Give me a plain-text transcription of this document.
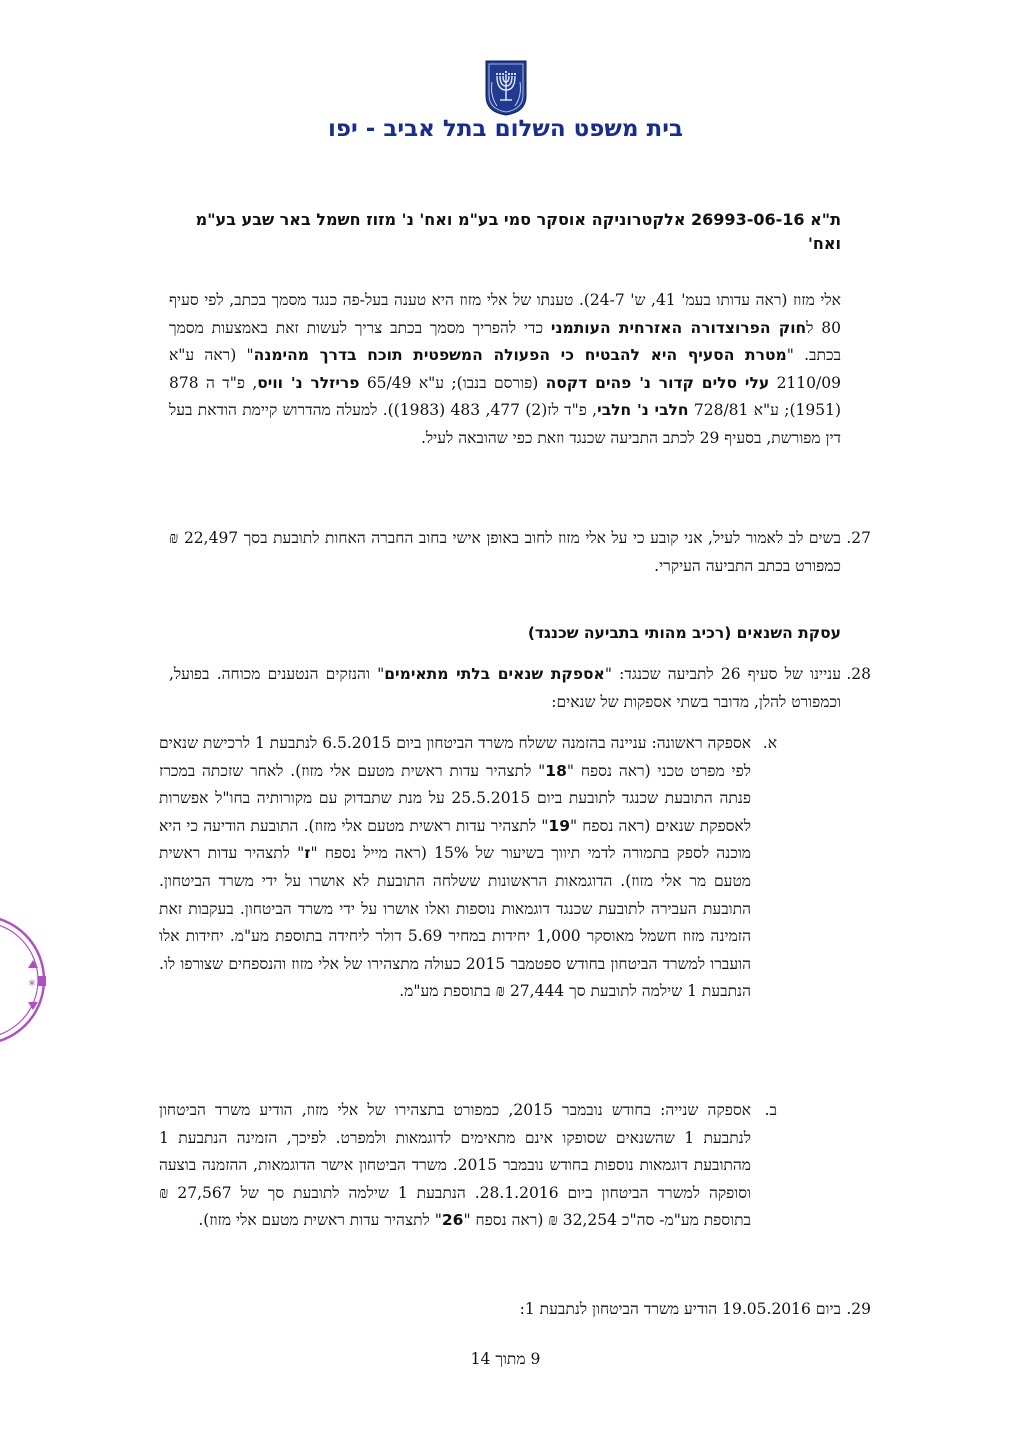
בית משפט השלום בתל אביב - יפו
ת"א 26993-06-16 אלקטרוניקה אוסקר סמי בע"מ ואח' נ' מזוז חשמל באר שבע בע"מ ואח'
אלי מזוז (ראה עדותו בעמ' 41, ש' 24-7). טענתו של אלי מזוז היא טענה בעל-פה כנגד מסמך בכתב, לפי סעיף 80 לחוק הפרוצדורה האזרחית העותמני כדי להפריך מסמך בכתב צריך לעשות זאת באמצעות מסמך בכתב. "מטרת הסעיף היא להבטיח כי הפעולה המשפטית תוכח בדרך מהימנה" (ראה ע"א 2110/09 עלי סלים קדור נ' פהים דקסה (פורסם בנבו); ע"א 65/49 פריזלר נ' וויס, פ"ד ה 878 (1951); ע"א 728/81 חלבי נ' חלבי, פ"ד לז(2) 477, 483 (1983)). למעלה מהדרוש קיימת הודאת בעל דין מפורשת, בסעיף 29 לכתב התביעה שכנגד וזאת כפי שהובאה לעיל.
27.
בשים לב לאמור לעיל, אני קובע כי על אלי מזוז לחוב באופן אישי בחוב החברה האחות לתובעת בסך 22,497 ₪ כמפורט בכתב התביעה העיקרי.
עסקת השנאים (רכיב מהותי בתביעה שכנגד)
28.
עניינו של סעיף 26 לתביעה שכנגד: "אספקת שנאים בלתי מתאימים" והנזקים הנטענים מכוחה. בפועל, וכמפורט להלן, מדובר בשתי אספקות של שנאים:
א.
אספקה ראשונה: עניינה בהזמנה ששלח משרד הביטחון ביום 6.5.2015 לנתבעת 1 לרכישת שנאים לפי מפרט טכני (ראה נספח "18" לתצהיר עדות ראשית מטעם אלי מזוז). לאחר שזכתה במכרז פנתה התובעת שכנגד לתובעת ביום 25.5.2015 על מנת שתבדוק עם מקורותיה בחו"ל אפשרות לאספקת שנאים (ראה נספח "19" לתצהיר עדות ראשית מטעם אלי מזוז). התובעת הודיעה כי היא מוכנה לספק בתמורה לדמי תיווך בשיעור של 15% (ראה מייל נספח "ז" לתצהיר עדות ראשית מטעם מר אלי מזוז). הדוגמאות הראשונות ששלחה התובעת לא אושרו על ידי משרד הביטחון. התובעת העבירה לתובעת שכנגד דוגמאות נוספות ואלו אושרו על ידי משרד הביטחון. בעקבות זאת הזמינה מזוז חשמל מאוסקר 1,000 יחידות במחיר 5.69 דולר ליחידה בתוספת מע"מ. יחידות אלו הועברו למשרד הביטחון בחודש ספטמבר 2015 כעולה מתצהירו של אלי מזוז והנספחים שצורפו לו. הנתבעת 1 שילמה לתובעת סך 27,444 ₪ בתוספת מע"מ.
ב.
אספקה שנייה: בחודש נובמבר 2015, כמפורט בתצהירו של אלי מזוז, הודיע משרד הביטחון לנתבעת 1 שהשנאים שסופקו אינם מתאימים לדוגמאות ולמפרט. לפיכך, הזמינה הנתבעת 1 מהתובעת דוגמאות נוספות בחודש נובמבר 2015. משרד הביטחון אישר הדוגמאות, ההזמנה בוצעה וסופקה למשרד הביטחון ביום 28.1.2016. הנתבעת 1 שילמה לתובעת סך של 27,567 ₪ בתוספת מע"מ- סה"כ 32,254 ₪ (ראה נספח "26" לתצהיר עדות ראשית מטעם אלי מזוז).
29.
ביום 19.05.2016 הודיע משרד הביטחון לנתבעת 1:
9 מתוך 14
*
